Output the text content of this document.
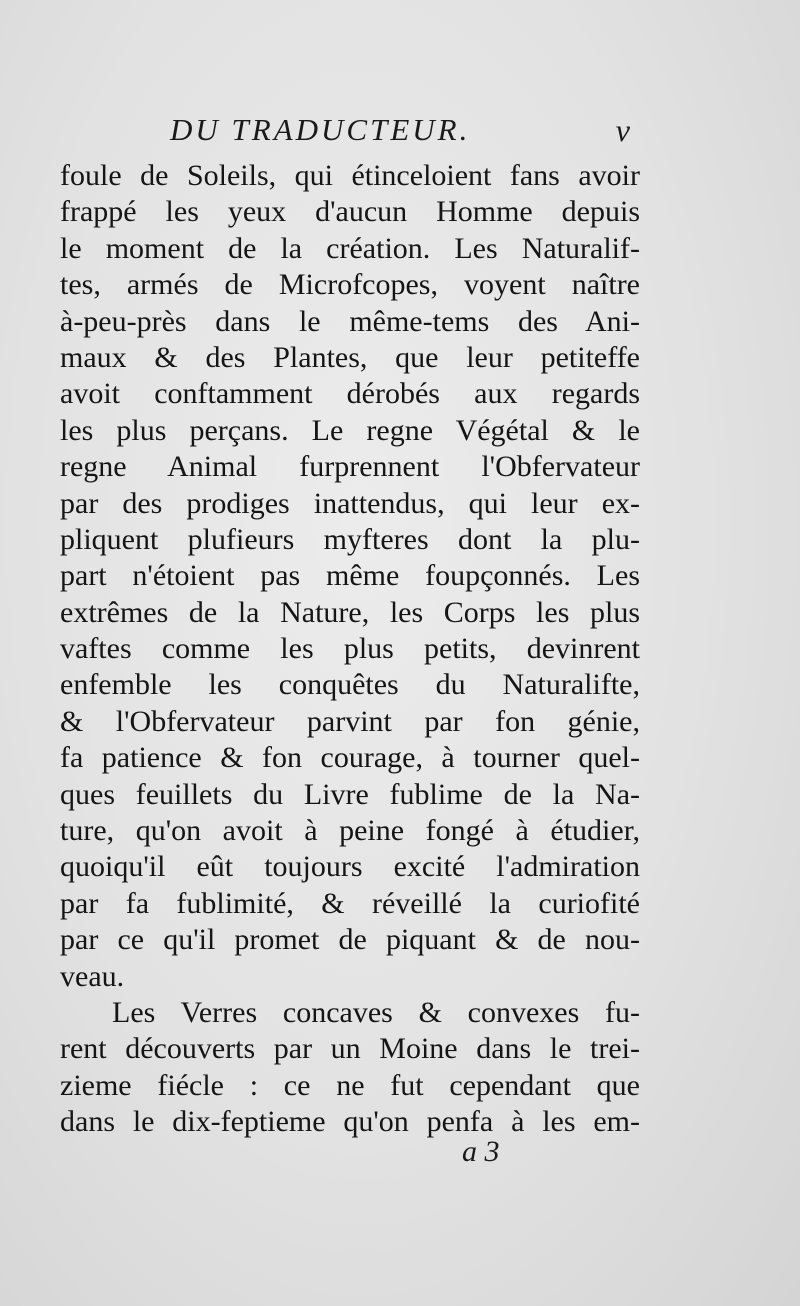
DU TRADUCTEUR.	v
foule de Soleils, qui étinceloient fans avoir
frappé les yeux d'aucun Homme depuis
le moment de la création. Les Naturalif-
tes, armés de Microfcopes, voyent naître
à-peu-près dans le même-tems des Ani-
maux & des Plantes, que leur petiteffe
avoit conftamment dérobés aux regards
les plus perçans. Le regne Végétal & le
regne Animal furprennent l'Obfervateur
par des prodiges inattendus, qui leur ex-
pliquent plufieurs myfteres dont la plu-
part n'étoient pas même foupçonnés. Les
extrêmes de la Nature, les Corps les plus
vaftes comme les plus petits, devinrent
enfemble les conquêtes du Naturalifte,
& l'Obfervateur parvint par fon génie,
fa patience & fon courage, à tourner quel-
ques feuillets du Livre fublime de la Na-
ture, qu'on avoit à peine fongé à étudier,
quoiqu'il eût toujours excité l'admiration
par fa fublimité, & réveillé la curiofité
par ce qu'il promet de piquant & de nou-
veau.
Les Verres concaves & convexes fu-
rent découverts par un Moine dans le trei-
zieme fiécle : ce ne fut cependant que
dans le dix-feptieme qu'on penfa à les em-
a 3
